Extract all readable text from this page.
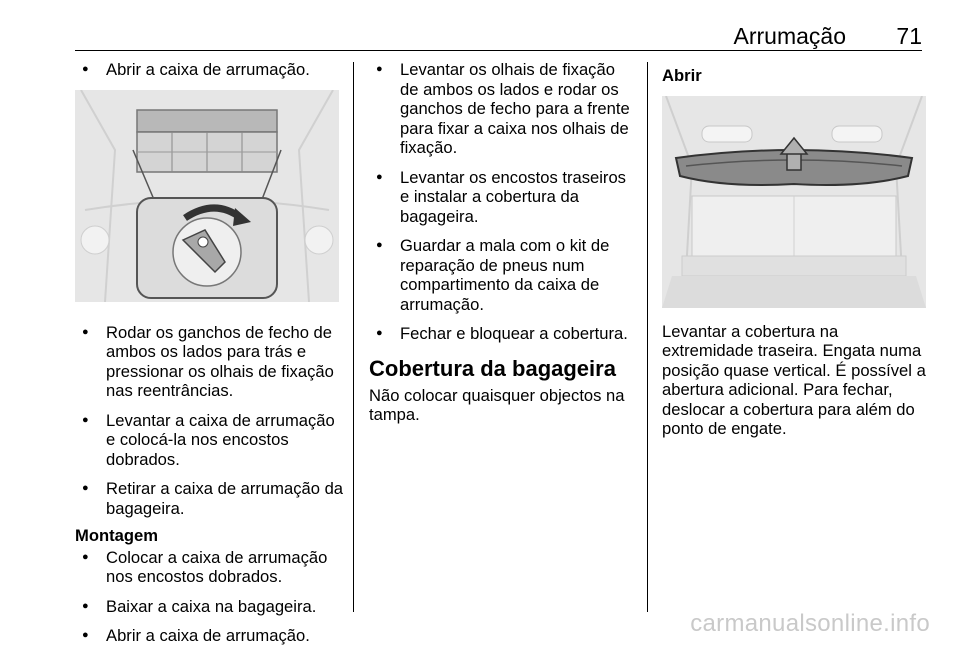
Arrumação 71
● Abrir a caixa de arrumação.
● Rodar os ganchos de fecho de ambos os lados para trás e pressionar os olhais de fixação nas reentrâncias.
● Levantar a caixa de arrumação e colocá-la nos encostos dobrados.
● Retirar a caixa de arrumação da bagageira.
Montagem
● Colocar a caixa de arrumação nos encostos dobrados.
● Baixar a caixa na bagageira.
● Abrir a caixa de arrumação.
● Levantar os olhais de fixação de ambos os lados e rodar os ganchos de fecho para a frente para fixar a caixa nos olhais de fixação.
● Levantar os encostos traseiros e instalar a cobertura da bagageira.
● Guardar a mala com o kit de reparação de pneus num compartimento da caixa de arrumação.
● Fechar e bloquear a cobertura.
Cobertura da bagageira

Não colocar quaisquer objectos na tampa.

Abrir

Levantar a cobertura na extremidade traseira. Engata numa posição quase vertical. É possível a abertura adicional. Para fechar, deslocar a cobertura para além do ponto de engate.

carmanualsonline.info
